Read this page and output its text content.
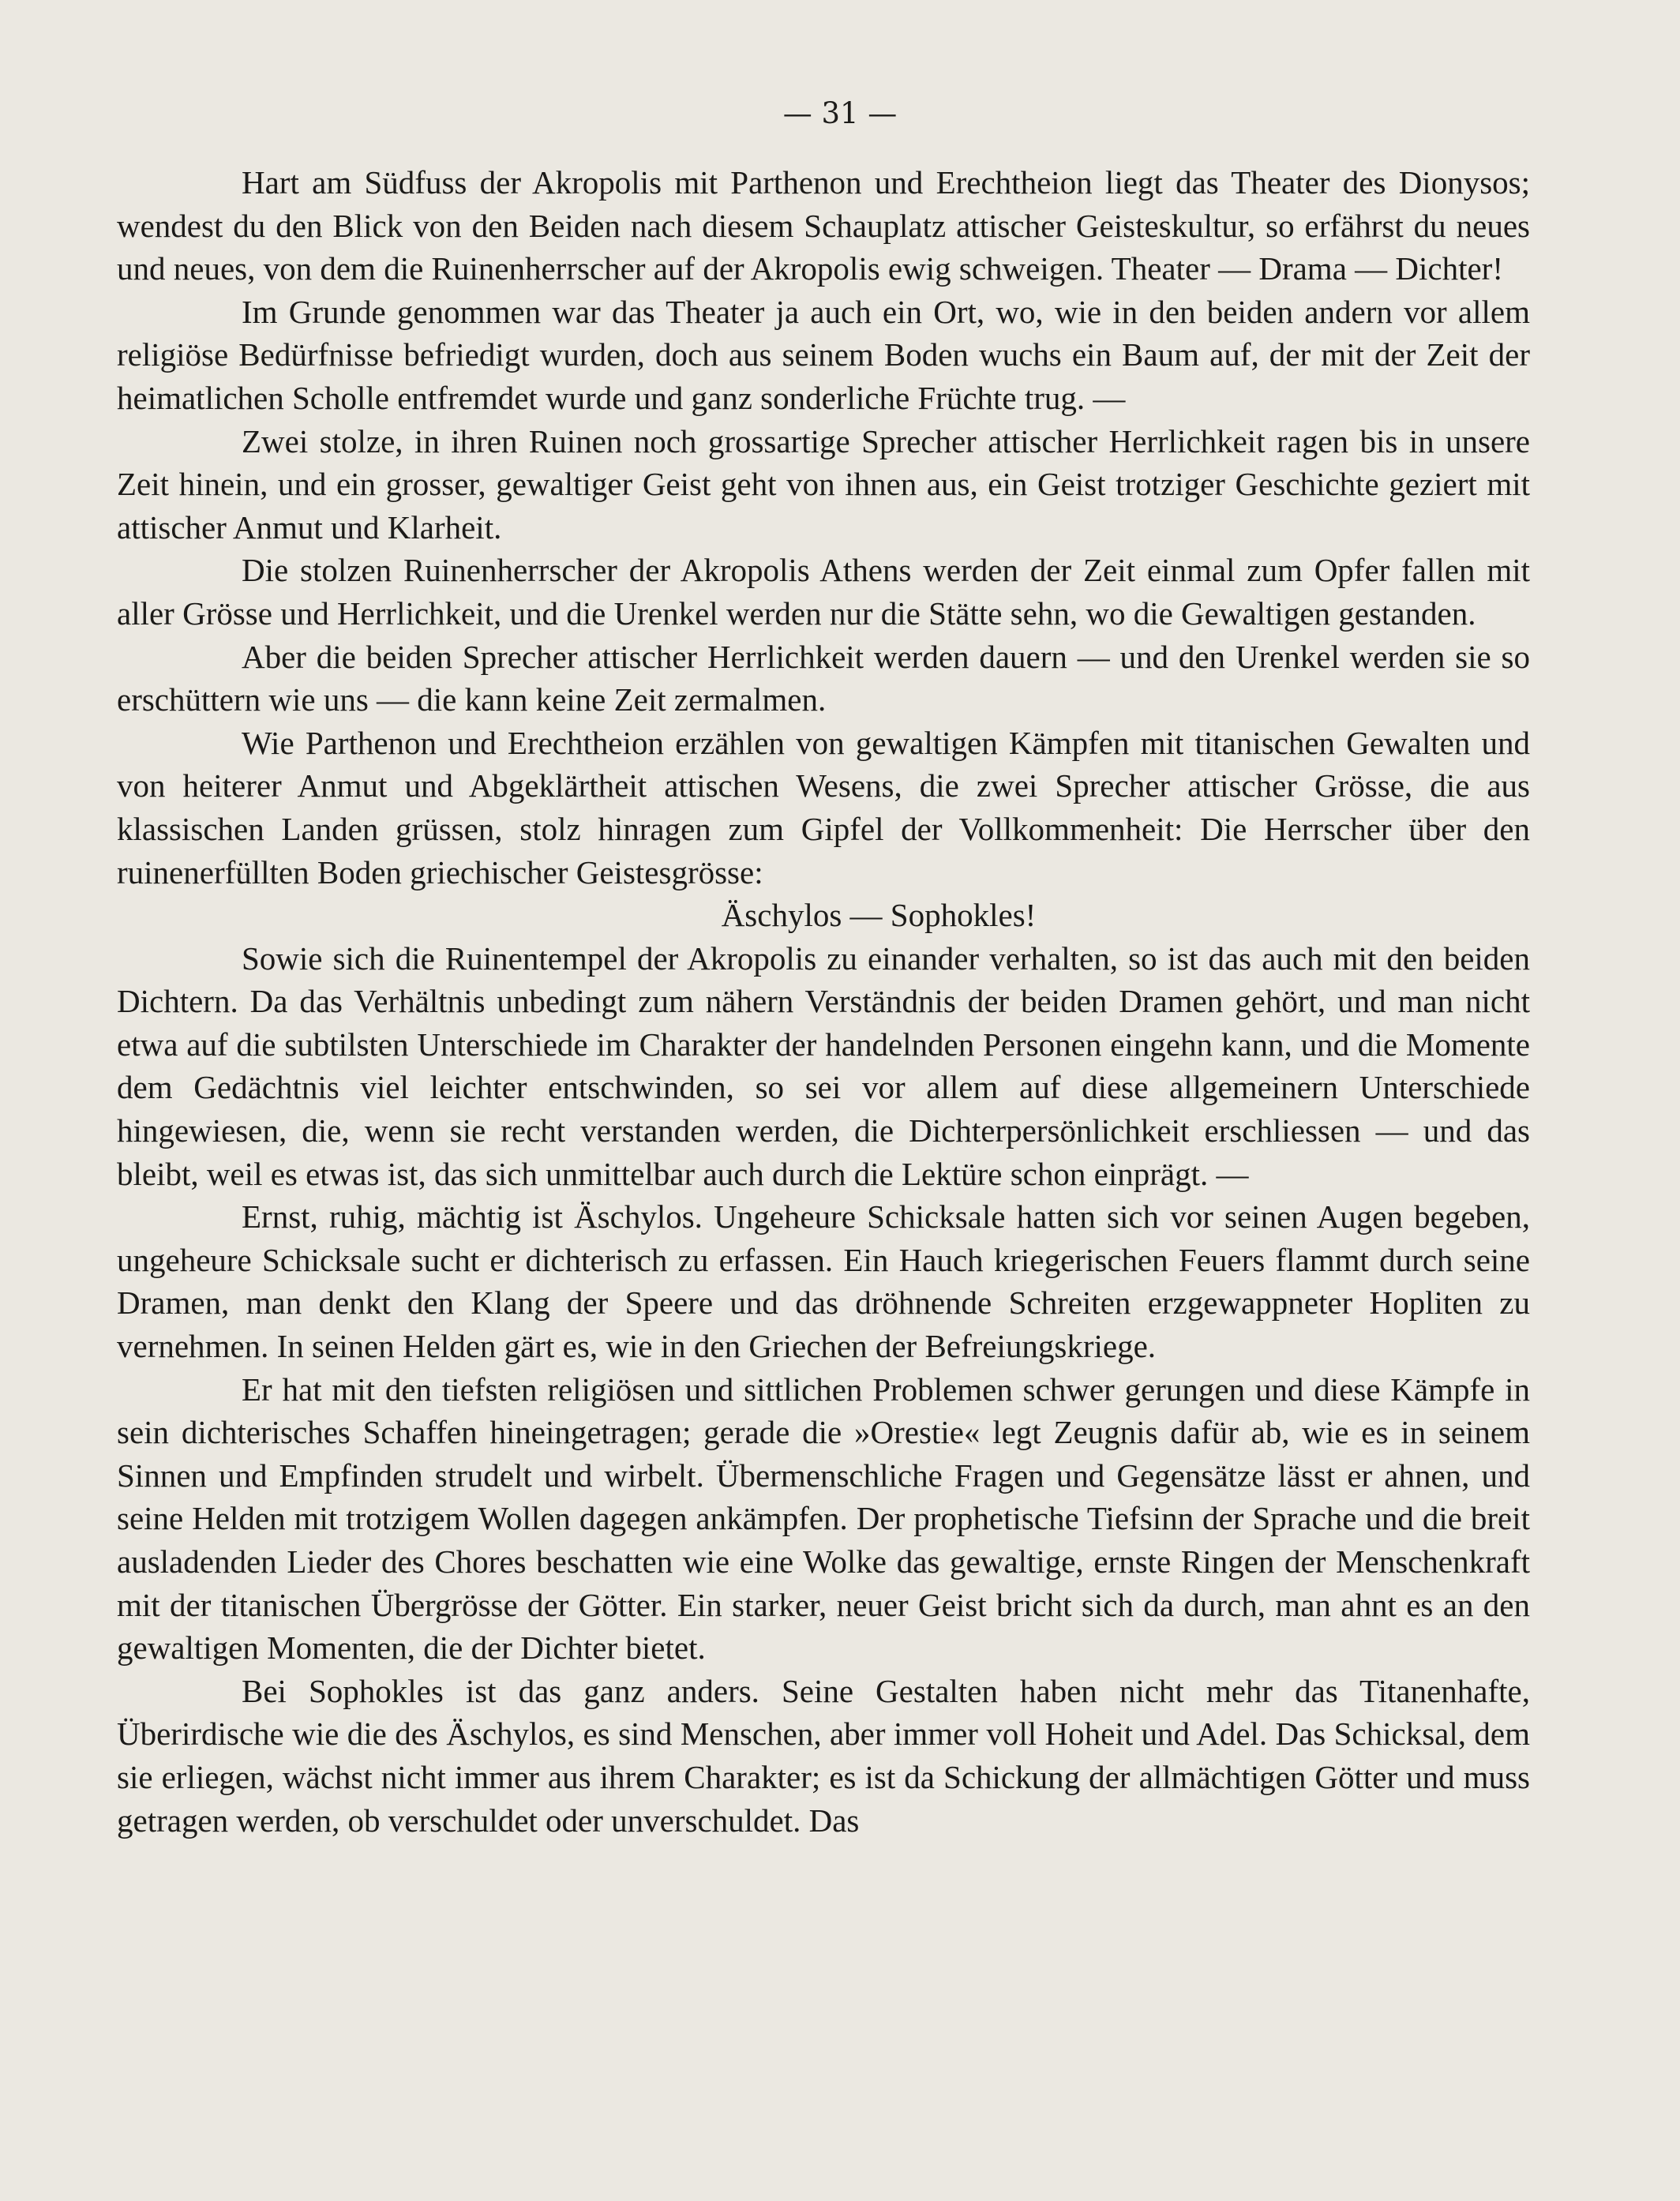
— 31 —

Hart am Südfuss der Akropolis mit Parthenon und Erechtheion liegt das Theater des Dionysos; wendest du den Blick von den Beiden nach diesem Schauplatz attischer Geisteskultur, so erfährst du neues und neues, von dem die Ruinenherrscher auf der Akropolis ewig schweigen. Theater — Drama — Dichter!

Im Grunde genommen war das Theater ja auch ein Ort, wo, wie in den beiden andern vor allem religiöse Bedürfnisse befriedigt wurden, doch aus seinem Boden wuchs ein Baum auf, der mit der Zeit der heimatlichen Scholle entfremdet wurde und ganz sonderliche Früchte trug. —

Zwei stolze, in ihren Ruinen noch grossartige Sprecher attischer Herrlichkeit ragen bis in unsere Zeit hinein, und ein grosser, gewaltiger Geist geht von ihnen aus, ein Geist trotziger Geschichte geziert mit attischer Anmut und Klarheit.

Die stolzen Ruinenherrscher der Akropolis Athens werden der Zeit einmal zum Opfer fallen mit aller Grösse und Herrlichkeit, und die Urenkel werden nur die Stätte sehn, wo die Gewaltigen gestanden.

Aber die beiden Sprecher attischer Herrlichkeit werden dauern — und den Urenkel werden sie so erschüttern wie uns — die kann keine Zeit zermalmen.

Wie Parthenon und Erechtheion erzählen von gewaltigen Kämpfen mit titanischen Gewalten und von heiterer Anmut und Abgeklärtheit attischen Wesens, die zwei Sprecher attischer Grösse, die aus klassischen Landen grüssen, stolz hinragen zum Gipfel der Vollkommenheit: Die Herrscher über den ruinenerfüllten Boden griechischer Geistesgrösse:

Äschylos — Sophokles!

Sowie sich die Ruinentempel der Akropolis zu einander verhalten, so ist das auch mit den beiden Dichtern. Da das Verhältnis unbedingt zum nähern Verständnis der beiden Dramen gehört, und man nicht etwa auf die subtilsten Unterschiede im Charakter der handelnden Personen eingehn kann, und die Momente dem Gedächtnis viel leichter entschwinden, so sei vor allem auf diese allgemeinern Unterschiede hingewiesen, die, wenn sie recht verstanden werden, die Dichterpersönlichkeit erschliessen — und das bleibt, weil es etwas ist, das sich unmittelbar auch durch die Lektüre schon einprägt. —

Ernst, ruhig, mächtig ist Äschylos. Ungeheure Schicksale hatten sich vor seinen Augen begeben, ungeheure Schicksale sucht er dichterisch zu erfassen. Ein Hauch kriegerischen Feuers flammt durch seine Dramen, man denkt den Klang der Speere und das dröhnende Schreiten erzgewappneter Hopliten zu vernehmen. In seinen Helden gärt es, wie in den Griechen der Befreiungskriege.

Er hat mit den tiefsten religiösen und sittlichen Problemen schwer gerungen und diese Kämpfe in sein dichterisches Schaffen hineingetragen; gerade die »Orestie« legt Zeugnis dafür ab, wie es in seinem Sinnen und Empfinden strudelt und wirbelt. Übermenschliche Fragen und Gegensätze lässt er ahnen, und seine Helden mit trotzigem Wollen dagegen ankämpfen. Der prophetische Tiefsinn der Sprache und die breit ausladenden Lieder des Chores beschatten wie eine Wolke das gewaltige, ernste Ringen der Menschenkraft mit der titanischen Übergrösse der Götter. Ein starker, neuer Geist bricht sich da durch, man ahnt es an den gewaltigen Momenten, die der Dichter bietet.

Bei Sophokles ist das ganz anders. Seine Gestalten haben nicht mehr das Titanenhafte, Überirdische wie die des Äschylos, es sind Menschen, aber immer voll Hoheit und Adel. Das Schicksal, dem sie erliegen, wächst nicht immer aus ihrem Charakter; es ist da Schickung der allmächtigen Götter und muss getragen werden, ob verschuldet oder unverschuldet. Das
